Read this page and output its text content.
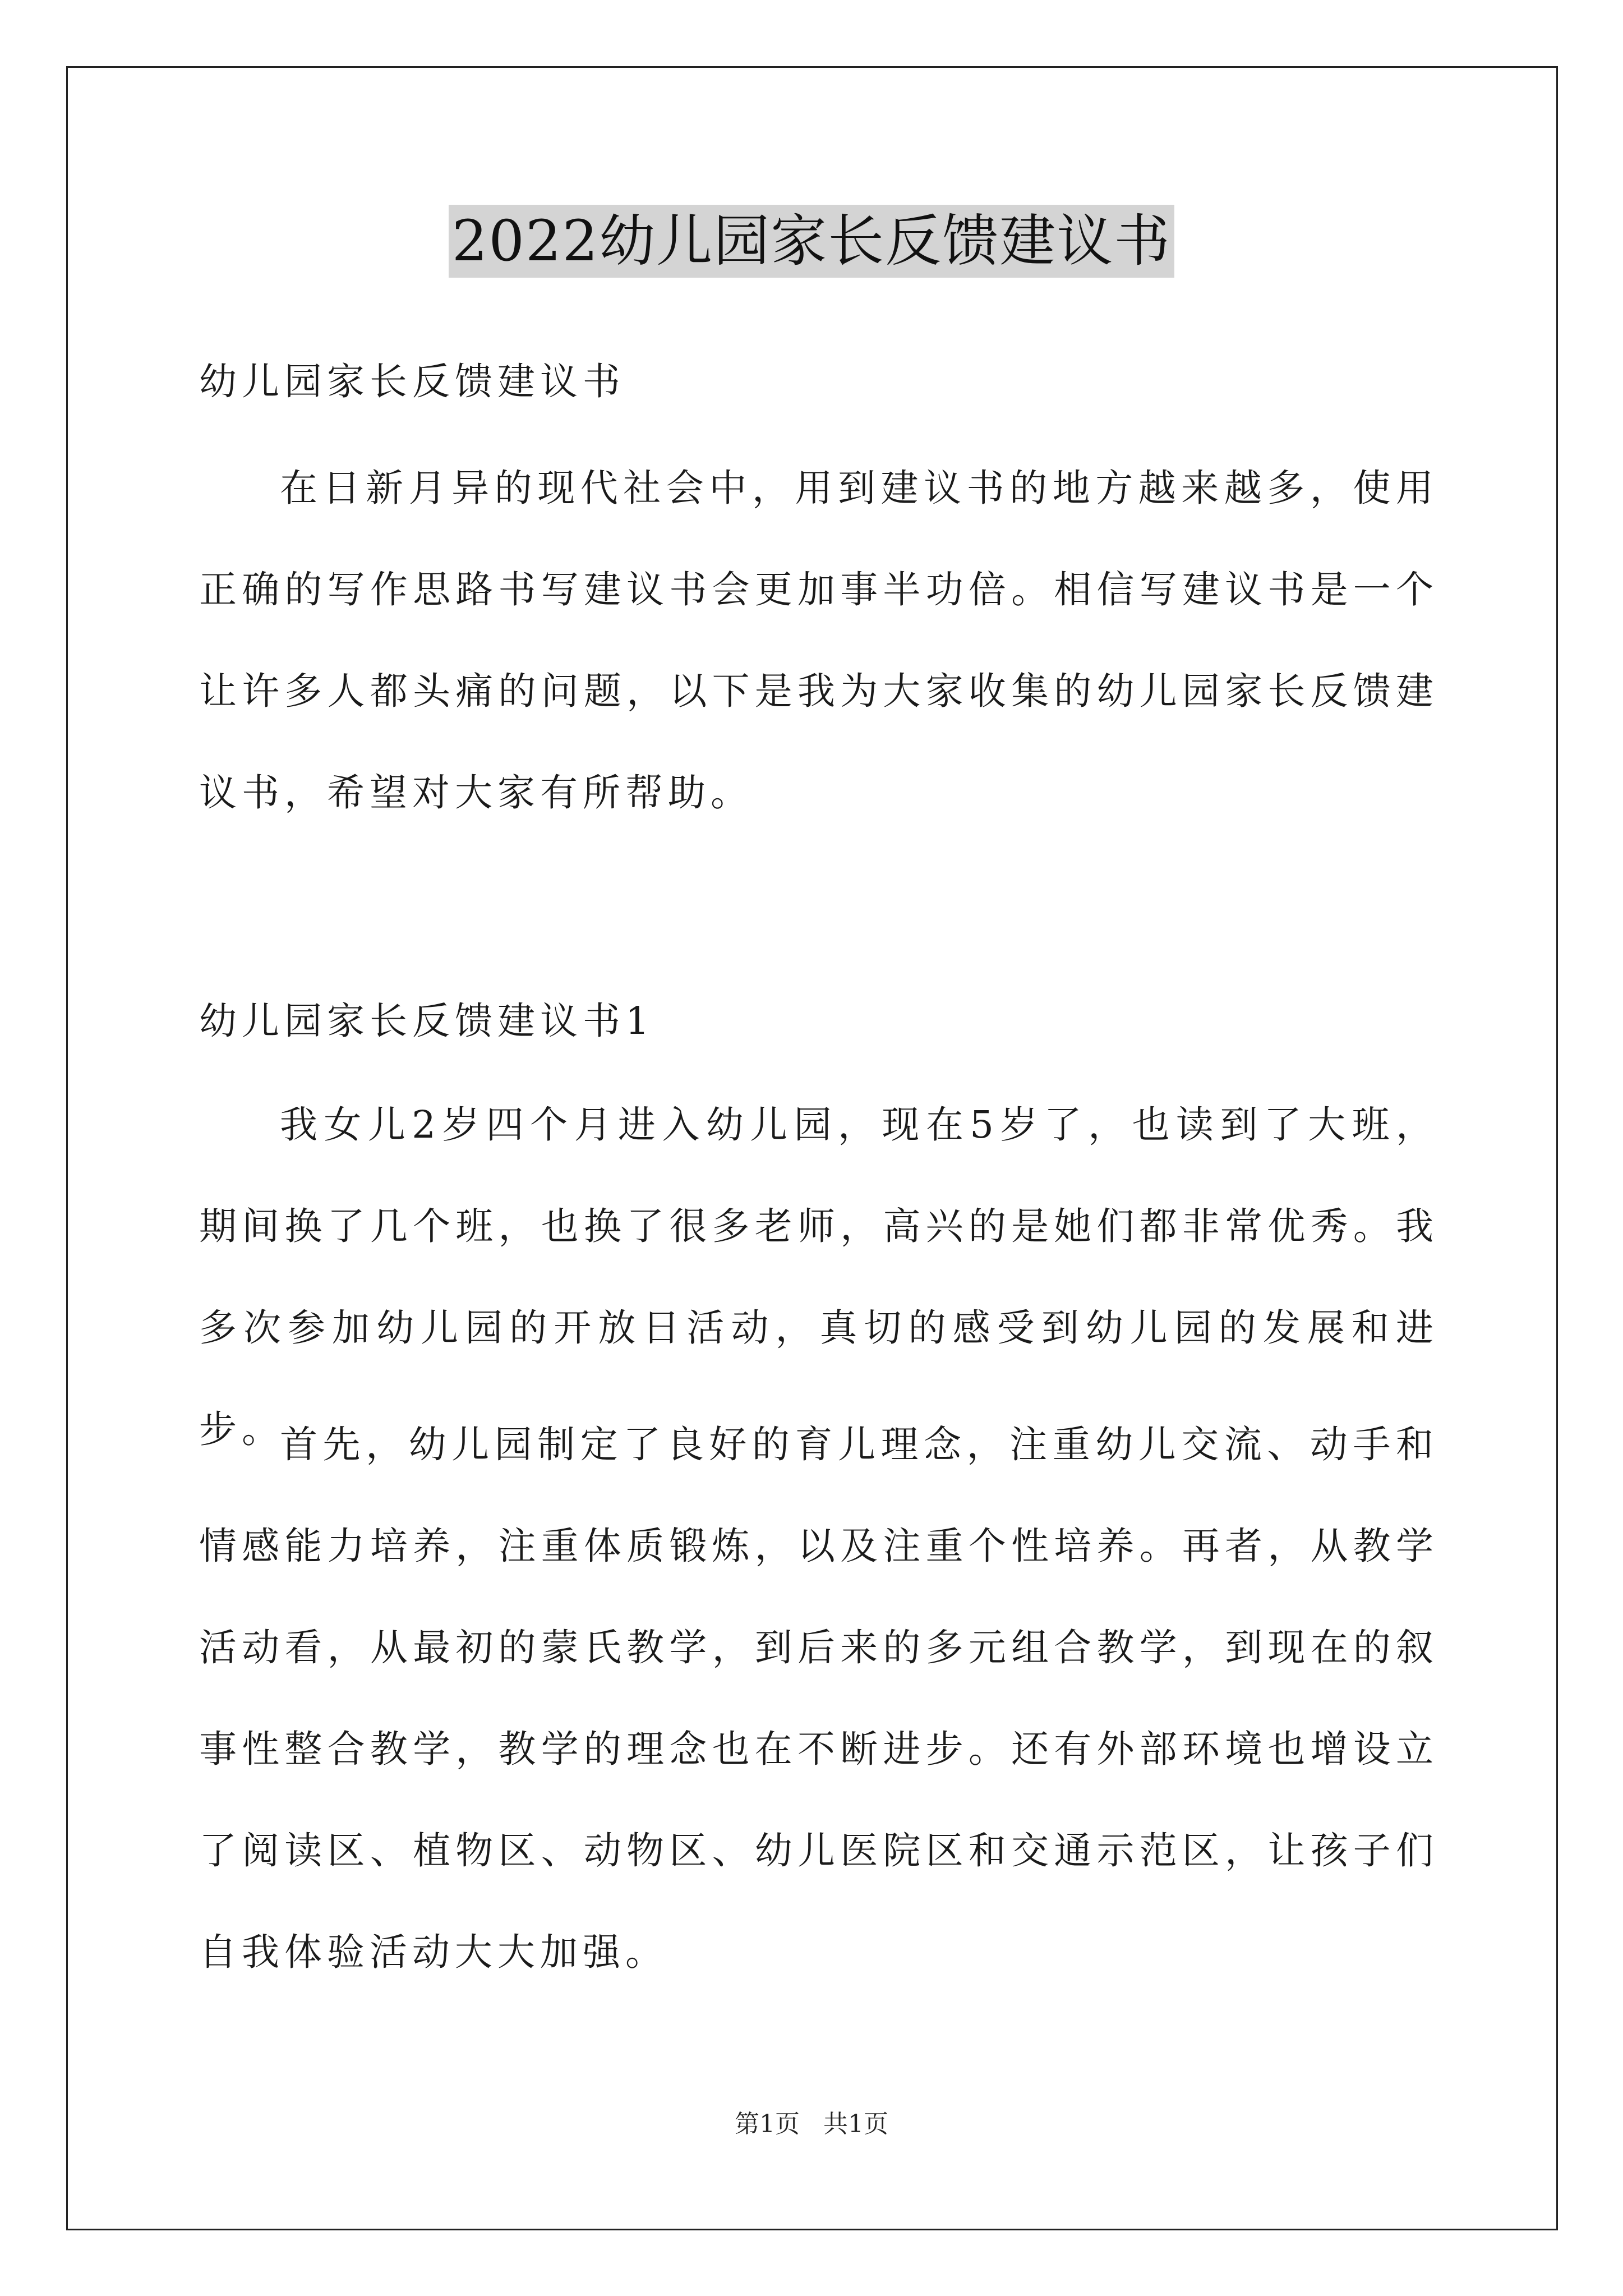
2022幼儿园家长反馈建议书
幼儿园家长反馈建议书
在日新月异的现代社会中，用到建议书的地方越来越多，使用正确的写作思路书写建议书会更加事半功倍。相信写建议书是一个让许多人都头痛的问题，以下是我为大家收集的幼儿园家长反馈建议书，希望对大家有所帮助。
幼儿园家长反馈建议书1
我女儿2岁四个月进入幼儿园，现在5岁了，也读到了大班，期间换了几个班，也换了很多老师，高兴的是她们都非常优秀。我多次参加幼儿园的开放日活动，真切的感受到幼儿园的发展和进步。
首先，幼儿园制定了良好的育儿理念，注重幼儿交流、动手和情感能力培养，注重体质锻炼，以及注重个性培养。再者，从教学活动看，从最初的蒙氏教学，到后来的多元组合教学，到现在的叙事性整合教学，教学的理念也在不断进步。还有外部环境也增设立了阅读区、植物区、动物区、幼儿医院区和交通示范区，让孩子们自我体验活动大大加强。
第1页 共1页
